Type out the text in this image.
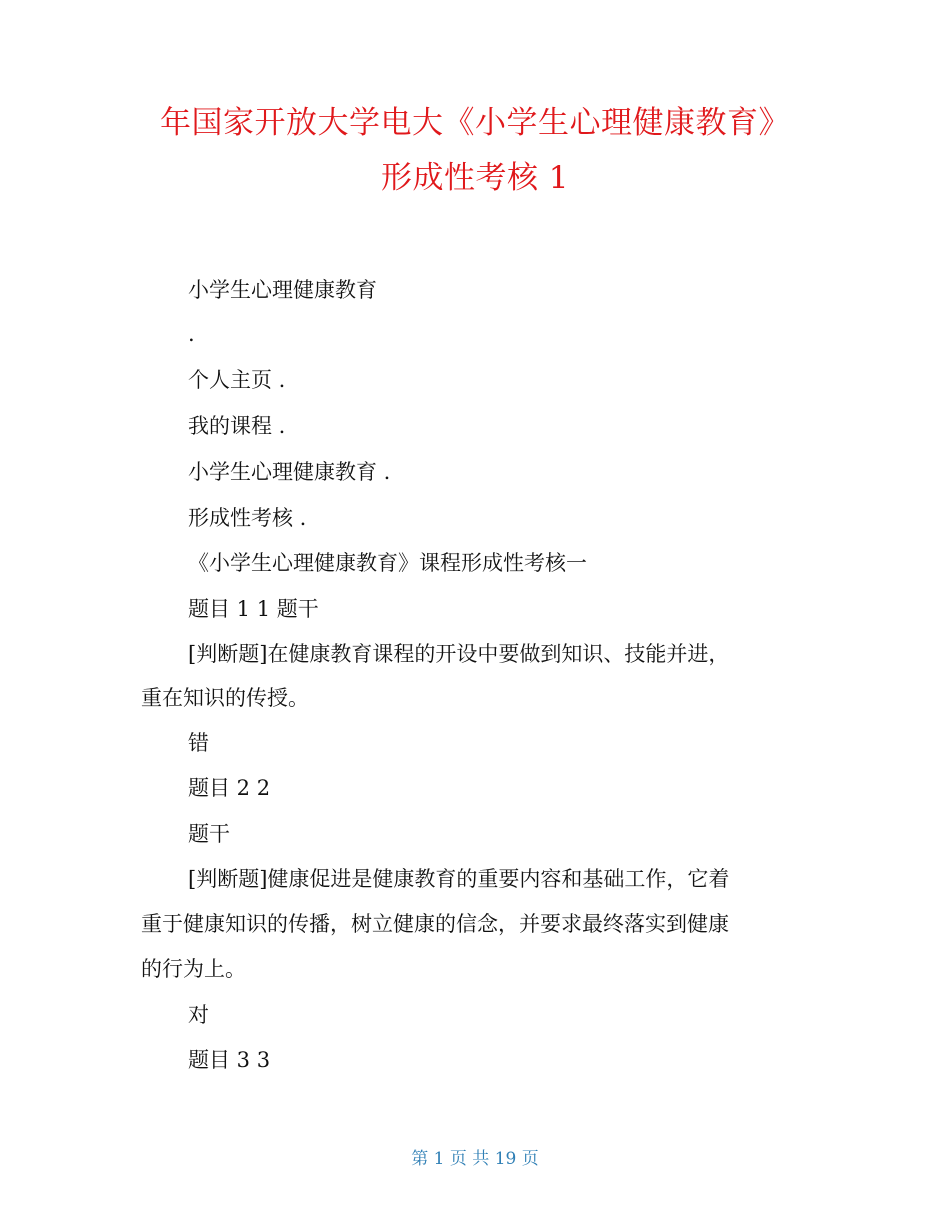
年国家开放大学电大《小学生心理健康教育》
形成性考核 1
小学生心理健康教育
.
个人主页 .
我的课程 .
小学生心理健康教育 .
形成性考核 .
《小学生心理健康教育》课程形成性考核一
题目 1 1 题干
[判断题]在健康教育课程的开设中要做到知识、技能并进，
重在知识的传授。
错
题目 2 2
题干
[判断题]健康促进是健康教育的重要内容和基础工作，它着
重于健康知识的传播，树立健康的信念，并要求最终落实到健康
的行为上。
对
题目 3 3
第 1 页 共 19 页
